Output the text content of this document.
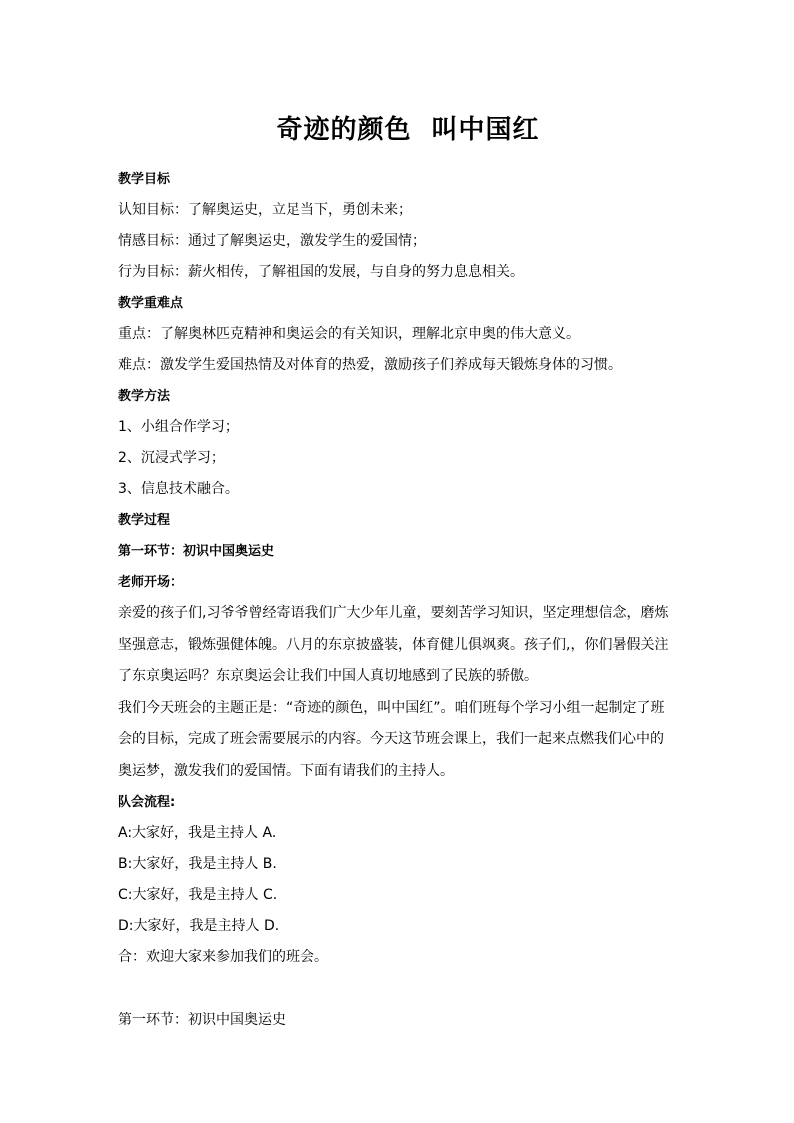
奇迹的颜色  叫中国红

教学目标

认知目标：了解奥运史，立足当下，勇创未来；

情感目标：通过了解奥运史，激发学生的爱国情；

行为目标：薪火相传，了解祖国的发展，与自身的努力息息相关。

教学重难点

重点：了解奥林匹克精神和奥运会的有关知识，理解北京申奥的伟大意义。

难点：激发学生爱国热情及对体育的热爱，激励孩子们养成每天锻炼身体的习惯。

教学方法

1、小组合作学习；

2、沉浸式学习；

3、信息技术融合。

教学过程

第一环节：初识中国奥运史

老师开场：

亲爱的孩子们,习爷爷曾经寄语我们广大少年儿童，要刻苦学习知识，坚定理想信念，磨炼坚强意志，锻炼强健体魄。八月的东京披盛装，体育健儿俱飒爽。孩子们,，你们暑假关注了东京奥运吗？东京奥运会让我们中国人真切地感到了民族的骄傲。

我们今天班会的主题正是：“奇迹的颜色，叫中国红”。咱们班每个学习小组一起制定了班会的目标，完成了班会需要展示的内容。今天这节班会课上，我们一起来点燃我们心中的奥运梦，激发我们的爱国情。下面有请我们的主持人。

队会流程:

A:大家好，我是主持人 A.

B:大家好，我是主持人 B.

C:大家好，我是主持人 C.

D:大家好，我是主持人 D.

合：欢迎大家来参加我们的班会。

第一环节：初识中国奥运史
